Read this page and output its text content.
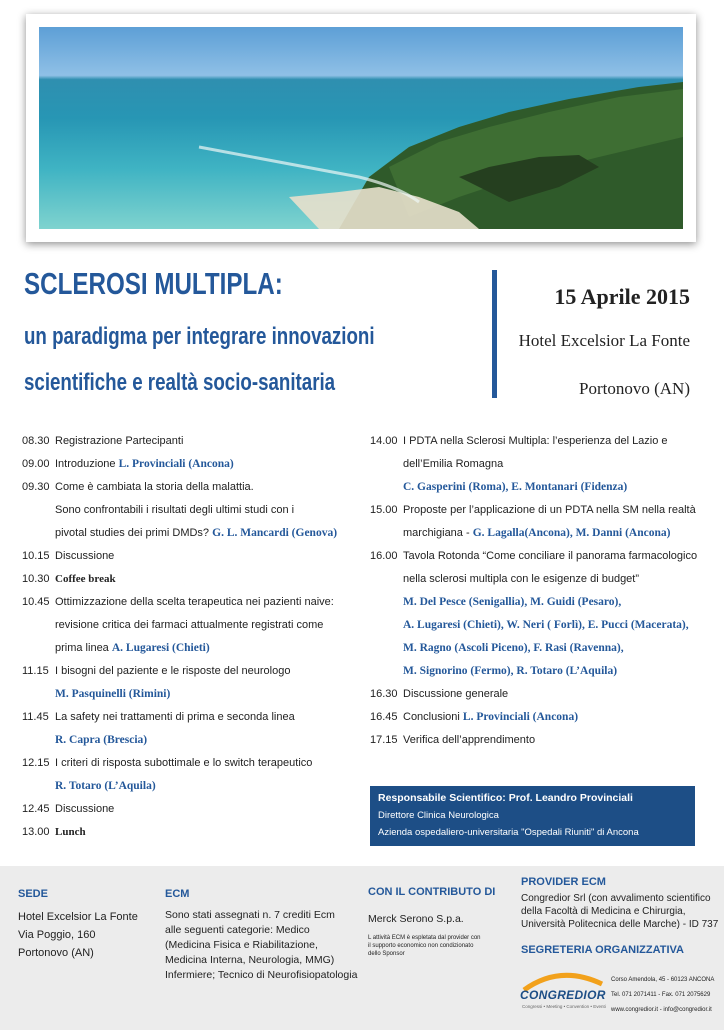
SCLEROSI MULTIPLA:
un paradigma per integrare innovazioni
scientifiche e realtà socio-sanitaria
15 Aprile 2015
Hotel Excelsior La Fonte
Portonovo (AN)
08.30 Registrazione Partecipanti
09.00 Introduzione L. Provinciali (Ancona)
09.30 Come è cambiata la storia della malattia.
Sono confrontabili i risultati degli ultimi studi con i
pivotal studies dei primi DMDs? G. L. Mancardi (Genova)
10.15 Discussione
10.30 Coffee break
10.45 Ottimizzazione della scelta terapeutica nei pazienti naive:
revisione critica dei farmaci attualmente registrati come
prima linea A. Lugaresi (Chieti)
11.15 I bisogni del paziente e le risposte del neurologo
M. Pasquinelli (Rimini)
11.45 La safety nei trattamenti di prima e seconda linea
R. Capra (Brescia)
12.15 I criteri di risposta subottimale e lo switch terapeutico
R. Totaro (L’Aquila)
12.45 Discussione
13.00 Lunch
14.00 I PDTA nella Sclerosi Multipla: l’esperienza del Lazio e
dell’Emilia Romagna
C. Gasperini (Roma), E. Montanari (Fidenza)
15.00 Proposte per l’applicazione di un PDTA nella SM nella realtà
marchigiana - G. Lagalla(Ancona), M. Danni (Ancona)
16.00 Tavola Rotonda “Come conciliare il panorama farmacologico
nella sclerosi multipla con le esigenze di budget”
M. Del Pesce (Senigallia), M. Guidi (Pesaro),
A. Lugaresi (Chieti), W. Neri ( Forlì), E. Pucci (Macerata),
M. Ragno (Ascoli Piceno), F. Rasi (Ravenna),
M. Signorino (Fermo), R. Totaro (L’Aquila)
16.30 Discussione generale
16.45 Conclusioni L. Provinciali (Ancona)
17.15 Verifica dell’apprendimento
Responsabile Scientifico: Prof. Leandro Provinciali
Direttore Clinica Neurologica
Azienda ospedaliero-universitaria "Ospedali Riuniti" di Ancona
SEDE
Hotel Excelsior La Fonte
Via Poggio, 160
Portonovo (AN)
ECM
Sono stati assegnati n. 7 crediti Ecm
alle seguenti categorie: Medico
(Medicina Fisica e Riabilitazione,
Medicina Interna, Neurologia, MMG)
Infermiere; Tecnico di Neurofisiopatologia
CON IL CONTRIBUTO DI
Merck Serono S.p.a.
L attività ECM è espletata dal provider con
il supporto economico non condizionato
dello Sponsor
PROVIDER ECM
Congredior Srl (con avvalimento scientifico
della Facoltà di Medicina e Chirurgia,
Università Politecnica delle Marche) - ID 737
SEGRETERIA ORGANIZZATIVA
CONGREDIOR
Congressi • Meeting • Convention • Eventi
Corso Amendola, 45 - 60123 ANCONA
Tel. 071 2071411 - Fax. 071 2075629
www.congredior.it - info@congredior.it
